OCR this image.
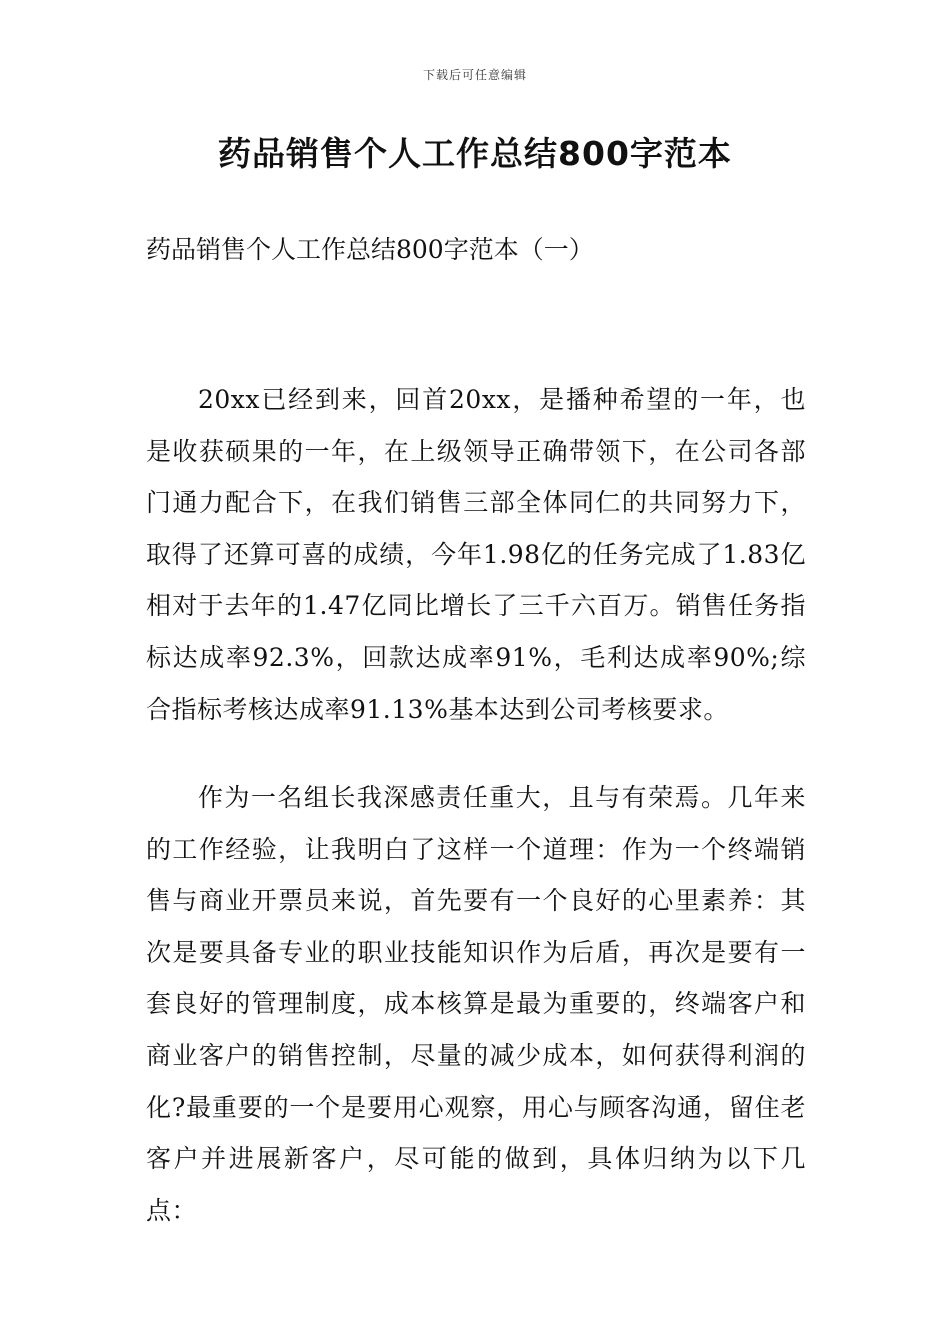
下载后可任意编辑
药品销售个人工作总结800字范本

药品销售个人工作总结800字范本（一）

20xx已经到来，回首20xx，是播种希望的一年，也是收获硕果的一年，在上级领导正确带领下，在公司各部门通力配合下，在我们销售三部全体同仁的共同努力下，取得了还算可喜的成绩，今年1.98亿的任务完成了1.83亿相对于去年的1.47亿同比增长了三千六百万。销售任务指标达成率92.3%，回款达成率91%，毛利达成率90%;综合指标考核达成率91.13%基本达到公司考核要求。

作为一名组长我深感责任重大，且与有荣焉。几年来的工作经验，让我明白了这样一个道理：作为一个终端销售与商业开票员来说，首先要有一个良好的心里素养：其次是要具备专业的职业技能知识作为后盾，再次是要有一套良好的管理制度，成本核算是最为重要的，终端客户和商业客户的销售控制，尽量的减少成本，如何获得利润的化?最重要的一个是要用心观察，用心与顾客沟通，留住老客户并进展新客户，尽可能的做到，具体归纳为以下几点：
